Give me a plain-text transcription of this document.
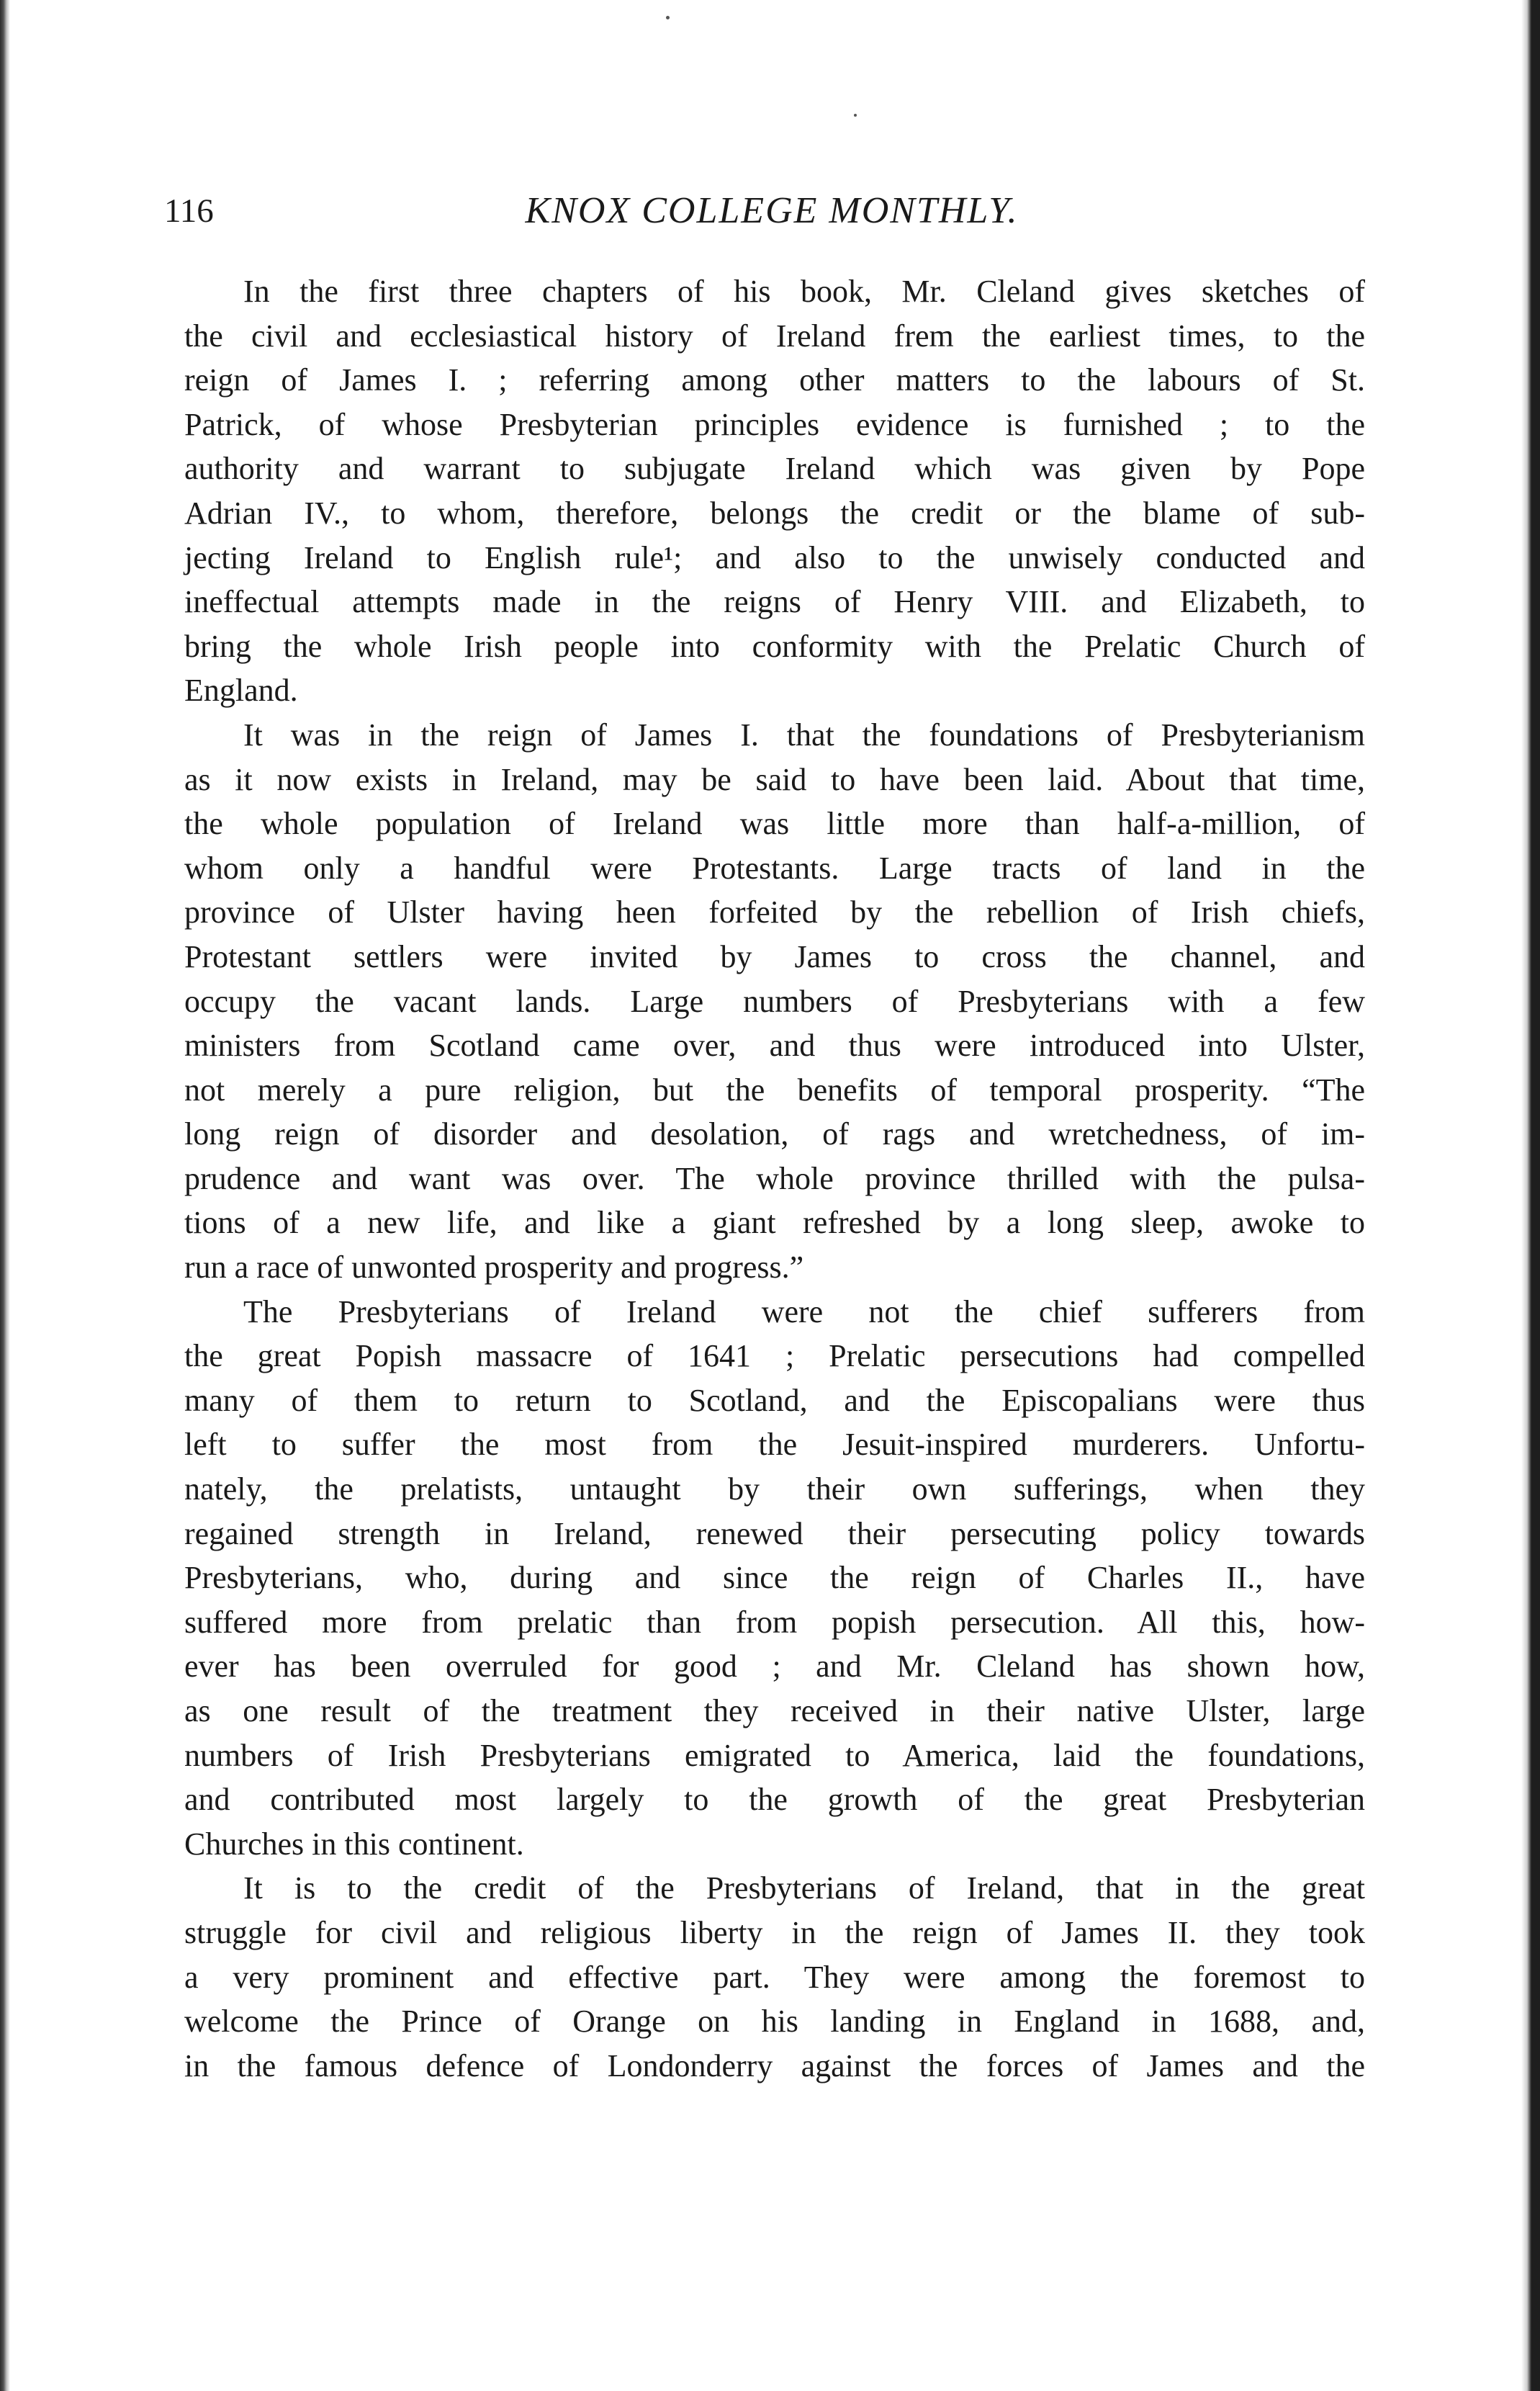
116	KNOX COLLEGE MONTHLY.
In the first three chapters of his book, Mr. Cleland gives sketches of
the civil and ecclesiastical history of Ireland frem the earliest times, to the
reign of James I. ; referring among other matters to the labours of St.
Patrick, of whose Presbyterian principles evidence is furnished ; to the
authority and warrant to subjugate Ireland which was given by Pope
Adrian IV., to whom, therefore, belongs the credit or the blame of sub-
jecting Ireland to English rule¹; and also to the unwisely conducted and
ineffectual attempts made in the reigns of Henry VIII. and Elizabeth, to
bring the whole Irish people into conformity with the Prelatic Church of
England.
It was in the reign of James I. that the foundations of Presbyterianism
as it now exists in Ireland, may be said to have been laid. About that time,
the whole population of Ireland was little more than half-a-million, of
whom only a handful were Protestants. Large tracts of land in the
province of Ulster having heen forfeited by the rebellion of Irish chiefs,
Protestant settlers were invited by James to cross the channel, and
occupy the vacant lands. Large numbers of Presbyterians with a few
ministers from Scotland came over, and thus were introduced into Ulster,
not merely a pure religion, but the benefits of temporal prosperity. “The
long reign of disorder and desolation, of rags and wretchedness, of im-
prudence and want was over. The whole province thrilled with the pulsa-
tions of a new life, and like a giant refreshed by a long sleep, awoke to
run a race of unwonted prosperity and progress.”
The Presbyterians of Ireland were not the chief sufferers from
the great Popish massacre of 1641 ; Prelatic persecutions had compelled
many of them to return to Scotland, and the Episcopalians were thus
left to suffer the most from the Jesuit-inspired murderers. Unfortu-
nately, the prelatists, untaught by their own sufferings, when they
regained strength in Ireland, renewed their persecuting policy towards
Presbyterians, who, during and since the reign of Charles II., have
suffered more from prelatic than from popish persecution. All this, how-
ever has been overruled for good ; and Mr. Cleland has shown how,
as one result of the treatment they received in their native Ulster, large
numbers of Irish Presbyterians emigrated to America, laid the foundations,
and contributed most largely to the growth of the great Presbyterian
Churches in this continent.
It is to the credit of the Presbyterians of Ireland, that in the great
struggle for civil and religious liberty in the reign of James II. they took
a very prominent and effective part. They were among the foremost to
welcome the Prince of Orange on his landing in England in 1688, and,
in the famous defence of Londonderry against the forces of James and the
